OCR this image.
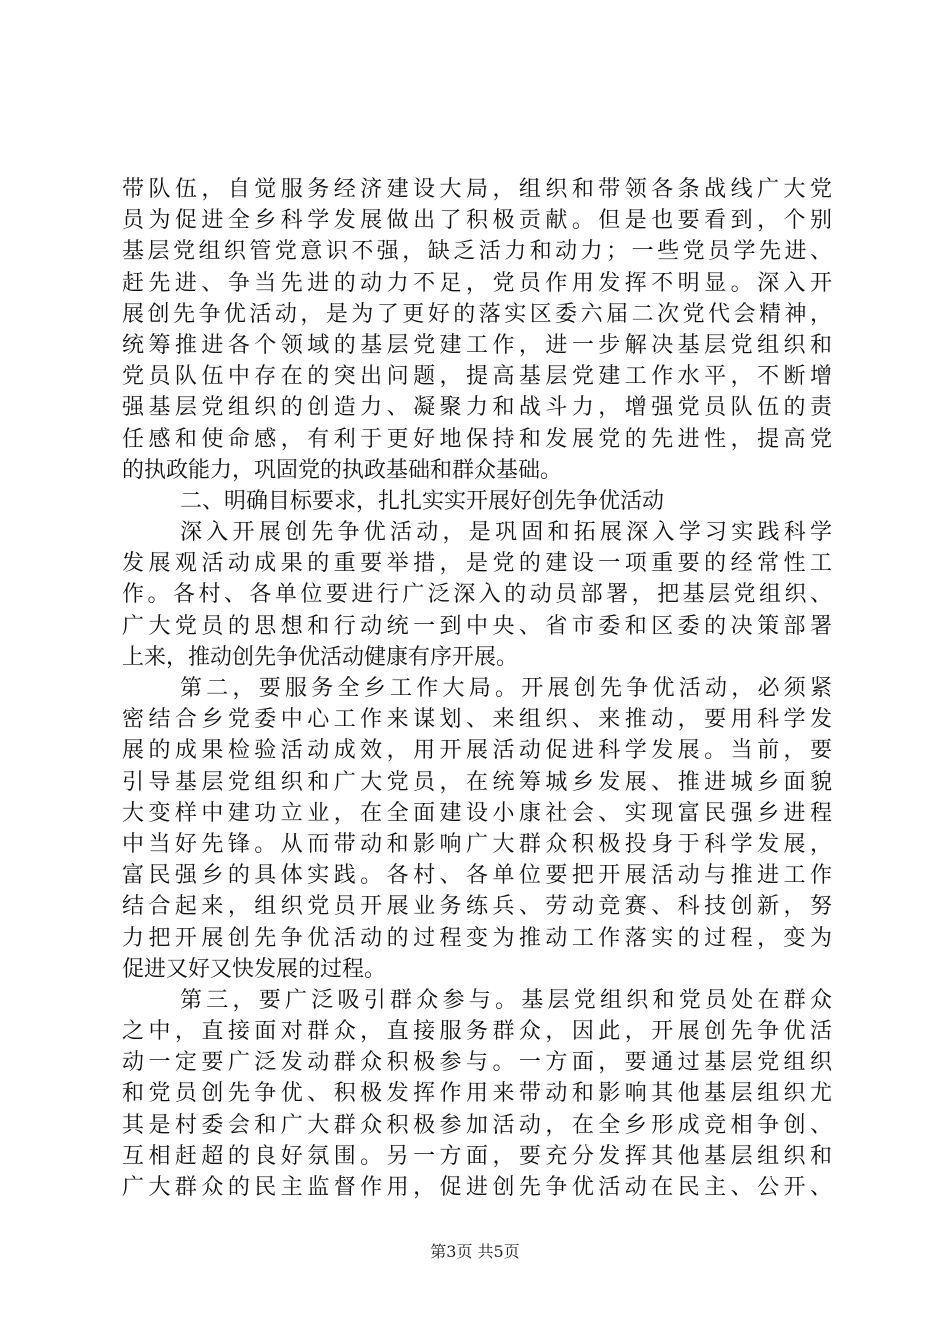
带队伍，自觉服务经济建设大局，组织和带领各条战线广大党
员为促进全乡科学发展做出了积极贡献。但是也要看到，个别
基层党组织管党意识不强，缺乏活力和动力；一些党员学先进、
赶先进、争当先进的动力不足，党员作用发挥不明显。深入开
展创先争优活动，是为了更好的落实区委六届二次党代会精神，
统筹推进各个领域的基层党建工作，进一步解决基层党组织和
党员队伍中存在的突出问题，提高基层党建工作水平，不断增
强基层党组织的创造力、凝聚力和战斗力，增强党员队伍的责
任感和使命感，有利于更好地保持和发展党的先进性，提高党
的执政能力，巩固党的执政基础和群众基础。
二、明确目标要求，扎扎实实开展好创先争优活动
深入开展创先争优活动，是巩固和拓展深入学习实践科学
发展观活动成果的重要举措，是党的建设一项重要的经常性工
作。各村、各单位要进行广泛深入的动员部署，把基层党组织、
广大党员的思想和行动统一到中央、省市委和区委的决策部署
上来，推动创先争优活动健康有序开展。
第二，要服务全乡工作大局。开展创先争优活动，必须紧
密结合乡党委中心工作来谋划、来组织、来推动，要用科学发
展的成果检验活动成效，用开展活动促进科学发展。当前，要
引导基层党组织和广大党员，在统筹城乡发展、推进城乡面貌
大变样中建功立业，在全面建设小康社会、实现富民强乡进程
中当好先锋。从而带动和影响广大群众积极投身于科学发展，
富民强乡的具体实践。各村、各单位要把开展活动与推进工作
结合起来，组织党员开展业务练兵、劳动竞赛、科技创新，努
力把开展创先争优活动的过程变为推动工作落实的过程，变为
促进又好又快发展的过程。
第三，要广泛吸引群众参与。基层党组织和党员处在群众
之中，直接面对群众，直接服务群众，因此，开展创先争优活
动一定要广泛发动群众积极参与。一方面，要通过基层党组织
和党员创先争优、积极发挥作用来带动和影响其他基层组织尤
其是村委会和广大群众积极参加活动，在全乡形成竞相争创、
互相赶超的良好氛围。另一方面，要充分发挥其他基层组织和
广大群众的民主监督作用，促进创先争优活动在民主、公开、
第3页 共5页
